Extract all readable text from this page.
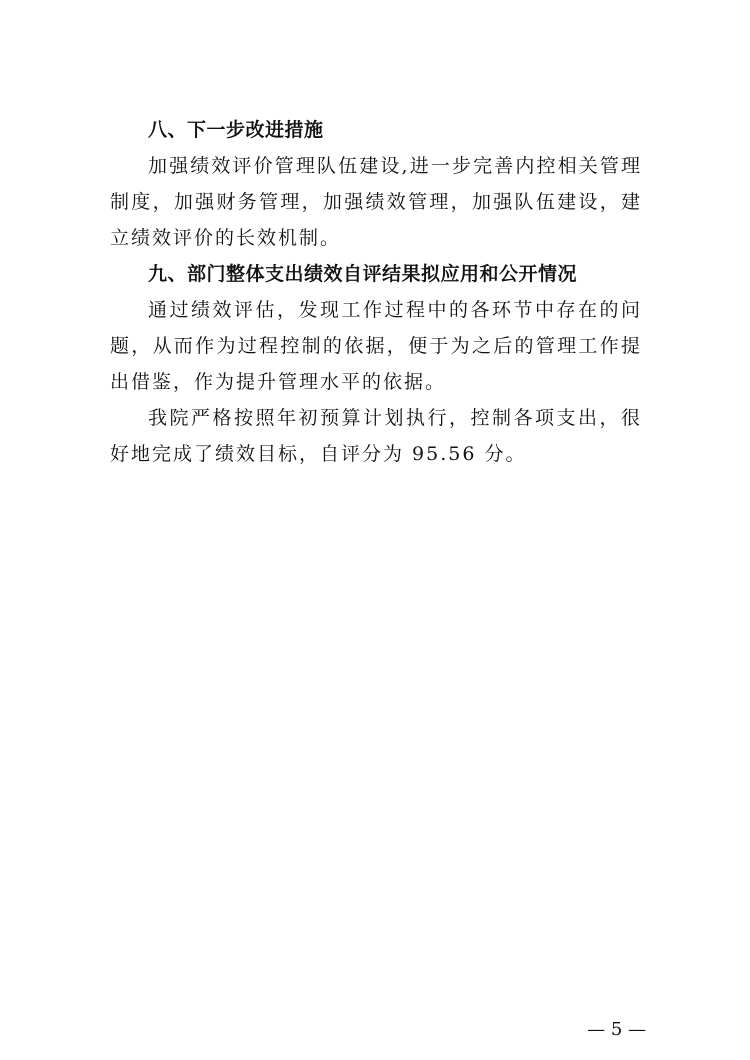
八、下一步改进措施

加强绩效评价管理队伍建设,进一步完善内控相关管理制度，加强财务管理，加强绩效管理，加强队伍建设，建立绩效评价的长效机制。

九、部门整体支出绩效自评结果拟应用和公开情况

通过绩效评估，发现工作过程中的各环节中存在的问题，从而作为过程控制的依据，便于为之后的管理工作提出借鉴，作为提升管理水平的依据。

我院严格按照年初预算计划执行，控制各项支出，很好地完成了绩效目标，自评分为 95.56 分。

— 5 —
